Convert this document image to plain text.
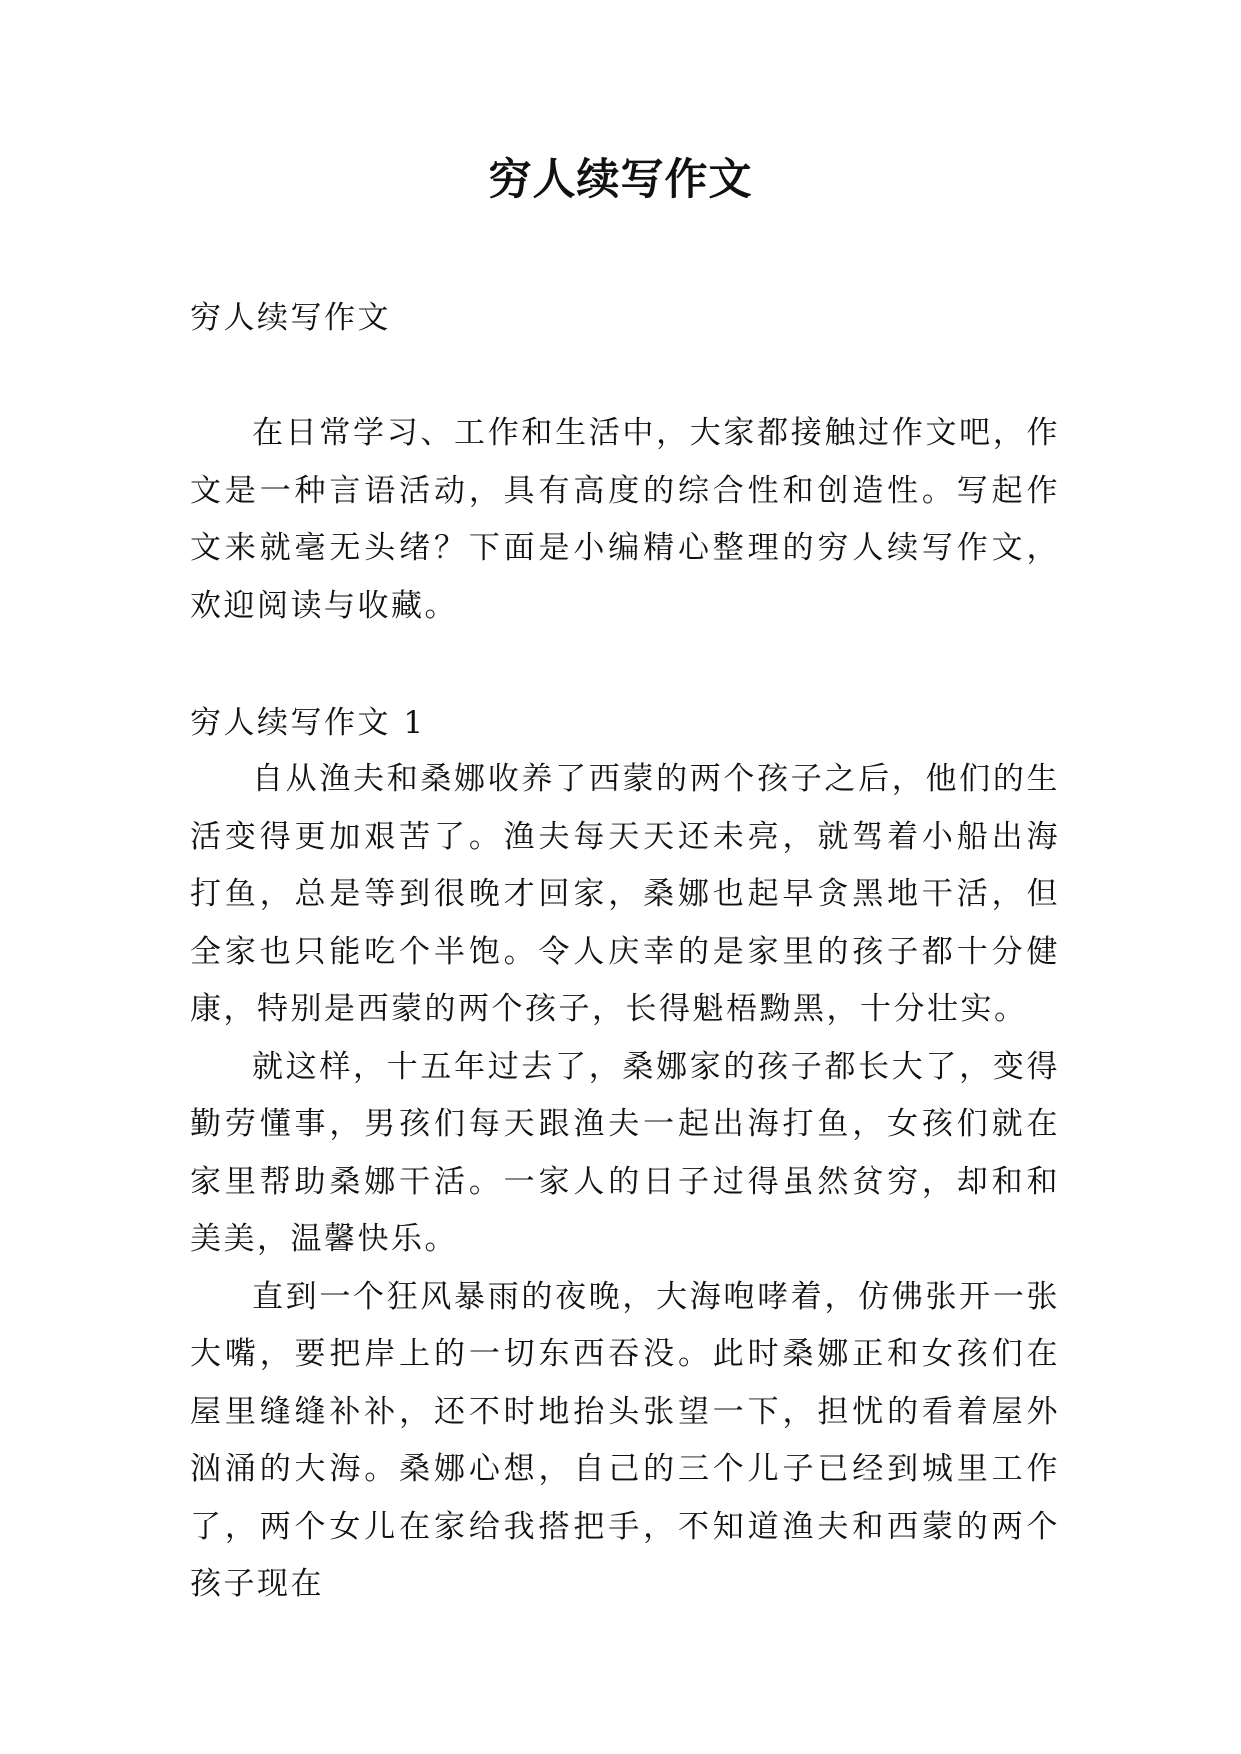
穷人续写作文

穷人续写作文

在日常学习、工作和生活中，大家都接触过作文吧，作文是一种言语活动，具有高度的综合性和创造性。写起作文来就毫无头绪？下面是小编精心整理的穷人续写作文，欢迎阅读与收藏。

穷人续写作文 1

自从渔夫和桑娜收养了西蒙的两个孩子之后，他们的生活变得更加艰苦了。渔夫每天天还未亮，就驾着小船出海打鱼，总是等到很晚才回家，桑娜也起早贪黑地干活，但全家也只能吃个半饱。令人庆幸的是家里的孩子都十分健康，特别是西蒙的两个孩子，长得魁梧黝黑，十分壮实。

就这样，十五年过去了，桑娜家的孩子都长大了，变得勤劳懂事，男孩们每天跟渔夫一起出海打鱼，女孩们就在家里帮助桑娜干活。一家人的日子过得虽然贫穷，却和和美美，温馨快乐。

直到一个狂风暴雨的夜晚，大海咆哮着，仿佛张开一张大嘴，要把岸上的一切东西吞没。此时桑娜正和女孩们在屋里缝缝补补，还不时地抬头张望一下，担忧的看着屋外汹涌的大海。桑娜心想，自己的三个儿子已经到城里工作了，两个女儿在家给我搭把手，不知道渔夫和西蒙的两个孩子现在
